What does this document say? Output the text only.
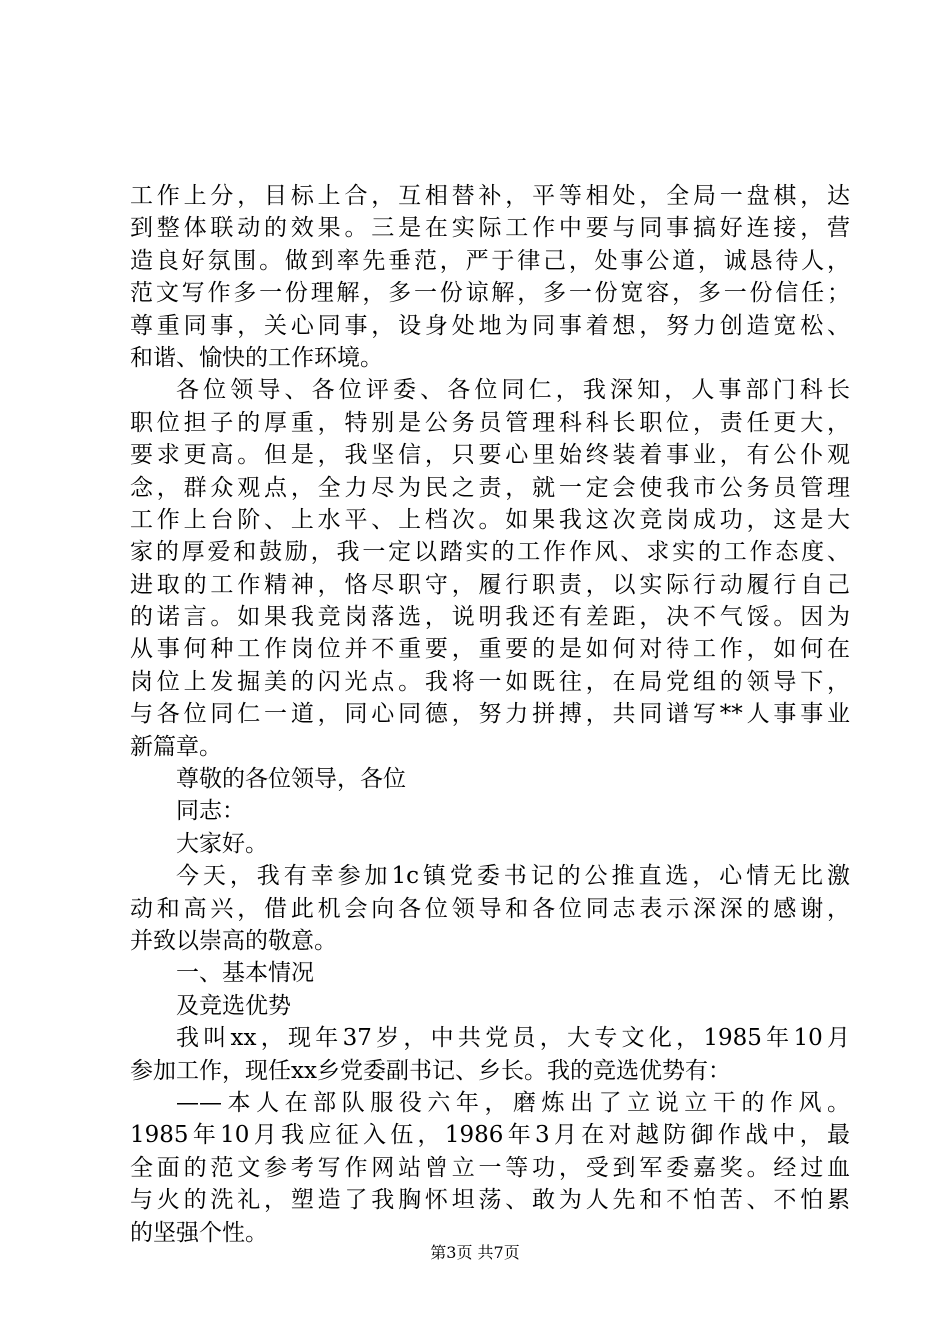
工作上分，目标上合，互相替补，平等相处，全局一盘棋，达
到整体联动的效果。三是在实际工作中要与同事搞好连接，营
造良好氛围。做到率先垂范，严于律己，处事公道，诚恳待人，
范文写作多一份理解，多一份谅解，多一份宽容，多一份信任；
尊重同事，关心同事，设身处地为同事着想，努力创造宽松、
和谐、愉快的工作环境。
各位领导、各位评委、各位同仁，我深知，人事部门科长
职位担子的厚重，特别是公务员管理科科长职位，责任更大，
要求更高。但是，我坚信，只要心里始终装着事业，有公仆观
念，群众观点，全力尽为民之责，就一定会使我市公务员管理
工作上台阶、上水平、上档次。如果我这次竞岗成功，这是大
家的厚爱和鼓励，我一定以踏实的工作作风、求实的工作态度、
进取的工作精神，恪尽职守，履行职责，以实际行动履行自己
的诺言。如果我竞岗落选，说明我还有差距，决不气馁。因为
从事何种工作岗位并不重要，重要的是如何对待工作，如何在
岗位上发掘美的闪光点。我将一如既往，在局党组的领导下，
与各位同仁一道，同心同德，努力拼搏，共同谱写**人事事业
新篇章。
尊敬的各位领导，各位
同志：
大家好。
今天，我有幸参加1c镇党委书记的公推直选，心情无比激
动和高兴，借此机会向各位领导和各位同志表示深深的感谢，
并致以崇高的敬意。
一、基本情况
及竞选优势
我叫xx，现年37岁，中共党员，大专文化，1985年10月
参加工作，现任xx乡党委副书记、乡长。我的竞选优势有：
——本人在部队服役六年，磨炼出了立说立干的作风。
1985年10月我应征入伍，1986年3月在对越防御作战中，最
全面的范文参考写作网站曾立一等功，受到军委嘉奖。经过血
与火的洗礼，塑造了我胸怀坦荡、敢为人先和不怕苦、不怕累
的坚强个性。
第3页 共7页
